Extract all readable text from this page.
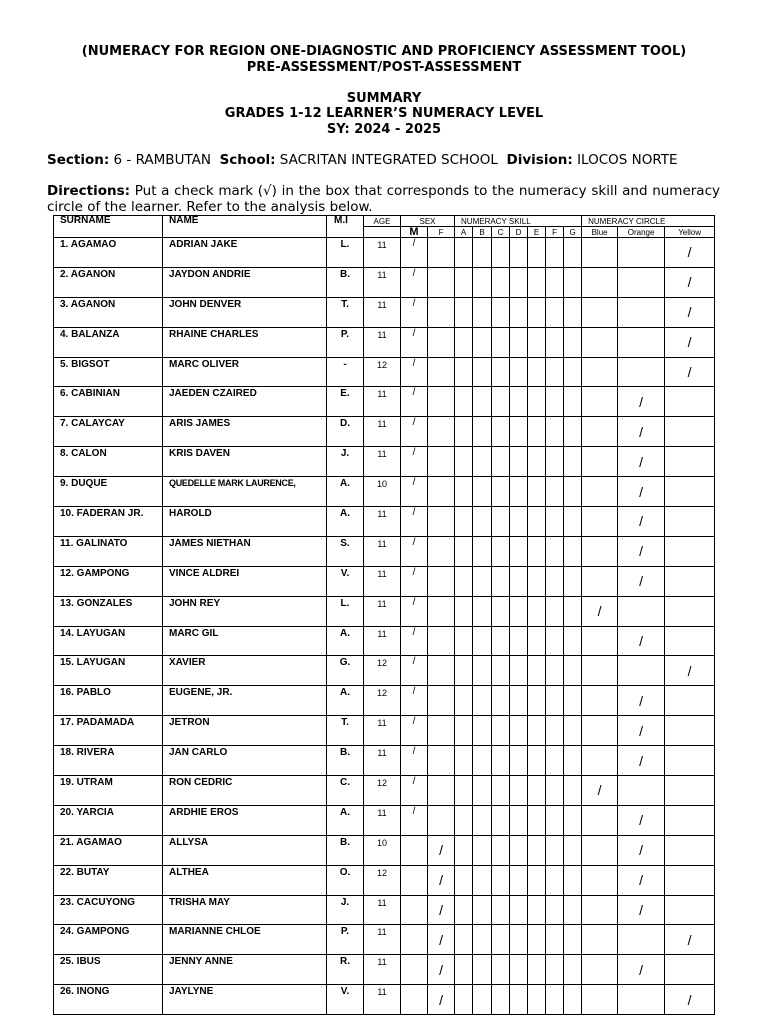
(NUMERACY FOR REGION ONE-DIAGNOSTIC AND PROFICIENCY ASSESSMENT TOOL)
PRE-ASSESSMENT/POST-ASSESSMENT
SUMMARY
GRADES 1-12 LEARNER’S NUMERACY LEVEL
SY: 2024 - 2025
Section: 6 - RAMBUTAN School: SACRITAN INTEGRATED SCHOOL Division: ILOCOS NORTE
Directions: Put a check mark (√) in the box that corresponds to the numeracy skill and numeracy circle of the learner. Refer to the analysis below.
SURNAME	NAME	M.I	AGE	SEX		NUMERACY SKILL							NUMERACY CIRCLE		
				M	F	A	B	C	D	E	F	G	Blue	Orange	Yellow
1. AGAMAO	ADRIAN JAKE	L.	11	/											/
2. AGANON	JAYDON ANDRIE	B.	11	/											/
3. AGANON	JOHN DENVER	T.	11	/											/
4. BALANZA	RHAINE CHARLES	P.	11	/											/
5. BIGSOT	MARC OLIVER	-	12	/											/
6. CABINIAN	JAEDEN CZAIRED	E.	11	/										/	
7. CALAYCAY	ARIS JAMES	D.	11	/										/	
8. CALON	KRIS DAVEN	J.	11	/										/	
9. DUQUE	QUEDELLE MARK LAURENCE,	A.	10	/										/	
10. FADERAN JR.	HAROLD	A.	11	/										/	
11. GALINATO	JAMES NIETHAN	S.	11	/										/	
12. GAMPONG	VINCE ALDREI	V.	11	/										/	
13. GONZALES	JOHN REY	L.	11	/									/		
14. LAYUGAN	MARC GIL	A.	11	/										/	
15. LAYUGAN	XAVIER	G.	12	/											/
16. PABLO	EUGENE, JR.	A.	12	/										/	
17. PADAMADA	JETRON	T.	11	/										/	
18. RIVERA	JAN CARLO	B.	11	/										/	
19. UTRAM	RON CEDRIC	C.	12	/									/		
20. YARCIA	ARDHIE EROS	A.	11	/										/	
21. AGAMAO	ALLYSA	B.	10		/									/	
22. BUTAY	ALTHEA	O.	12		/									/	
23. CACUYONG	TRISHA MAY	J.	11		/									/	
24. GAMPONG	MARIANNE CHLOE	P.	11		/										/
25. IBUS	JENNY ANNE	R.	11		/									/	
26. INONG	JAYLYNE	V.	11		/										/
